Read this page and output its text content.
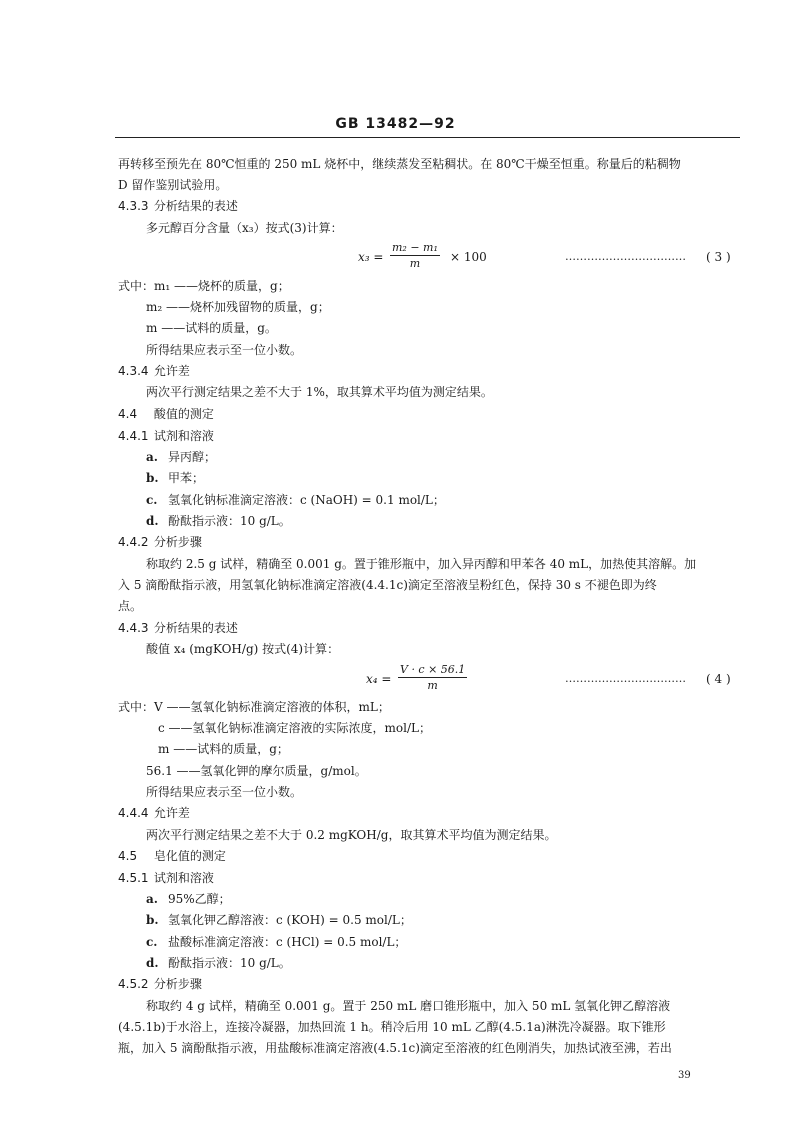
GB 13482—92
再转移至预先在 80℃恒重的 250 mL 烧杯中，继续蒸发至粘稠状。在 80℃干燥至恒重。称量后的粘稠物
D 留作鉴别试验用。
4.3.3 分析结果的表述
多元醇百分含量（x₃）按式(3)计算：
$x_3 = \frac{\text{m₂ − m₁}}{m} \times 100$	…………………………… ( 3 )
式中：m₁ ——烧杯的质量，g；
m₂ ——烧杯加残留物的质量，g；
m ——试料的质量，g。
所得结果应表示至一位小数。
4.3.4 允许差
两次平行测定结果之差不大于 1%，取其算术平均值为测定结果。
4.4 酸值的测定
4.4.1 试剂和溶液
a. 异丙醇；
b. 甲苯；
c. 氢氧化钠标准滴定溶液：c (NaOH) = 0.1 mol/L；
d. 酚酞指示液：10 g/L。
4.4.2 分析步骤
称取约 2.5 g 试样，精确至 0.001 g。置于锥形瓶中，加入异丙醇和甲苯各 40 mL，加热使其溶解。加
入 5 滴酚酞指示液，用氢氧化钠标准滴定溶液(4.4.1c)滴定至溶液呈粉红色，保持 30 s 不褪色即为终
点。
4.4.3 分析结果的表述
酸值 x₄ (mgKOH/g) 按式(4)计算：
$x_4 = \frac{V \cdot c \times 56.1}{m}$	…………………………… ( 4 )
式中：V ——氢氧化钠标准滴定溶液的体积，mL；
c ——氢氧化钠标准滴定溶液的实际浓度，mol/L；
m ——试料的质量，g；
56.1 ——氢氧化钾的摩尔质量，g/mol。
所得结果应表示至一位小数。
4.4.4 允许差
两次平行测定结果之差不大于 0.2 mgKOH/g，取其算术平均值为测定结果。
4.5 皂化值的测定
4.5.1 试剂和溶液
a. 95%乙醇；
b. 氢氧化钾乙醇溶液：c (KOH) = 0.5 mol/L；
c. 盐酸标准滴定溶液：c (HCl) = 0.5 mol/L；
d. 酚酞指示液：10 g/L。
4.5.2 分析步骤
称取约 4 g 试样，精确至 0.001 g。置于 250 mL 磨口锥形瓶中，加入 50 mL 氢氧化钾乙醇溶液
(4.5.1b)于水浴上，连接冷凝器，加热回流 1 h。稍冷后用 10 mL 乙醇(4.5.1a)淋洗冷凝器。取下锥形
瓶，加入 5 滴酚酞指示液，用盐酸标准滴定溶液(4.5.1c)滴定至溶液的红色刚消失，加热试液至沸，若出
39
